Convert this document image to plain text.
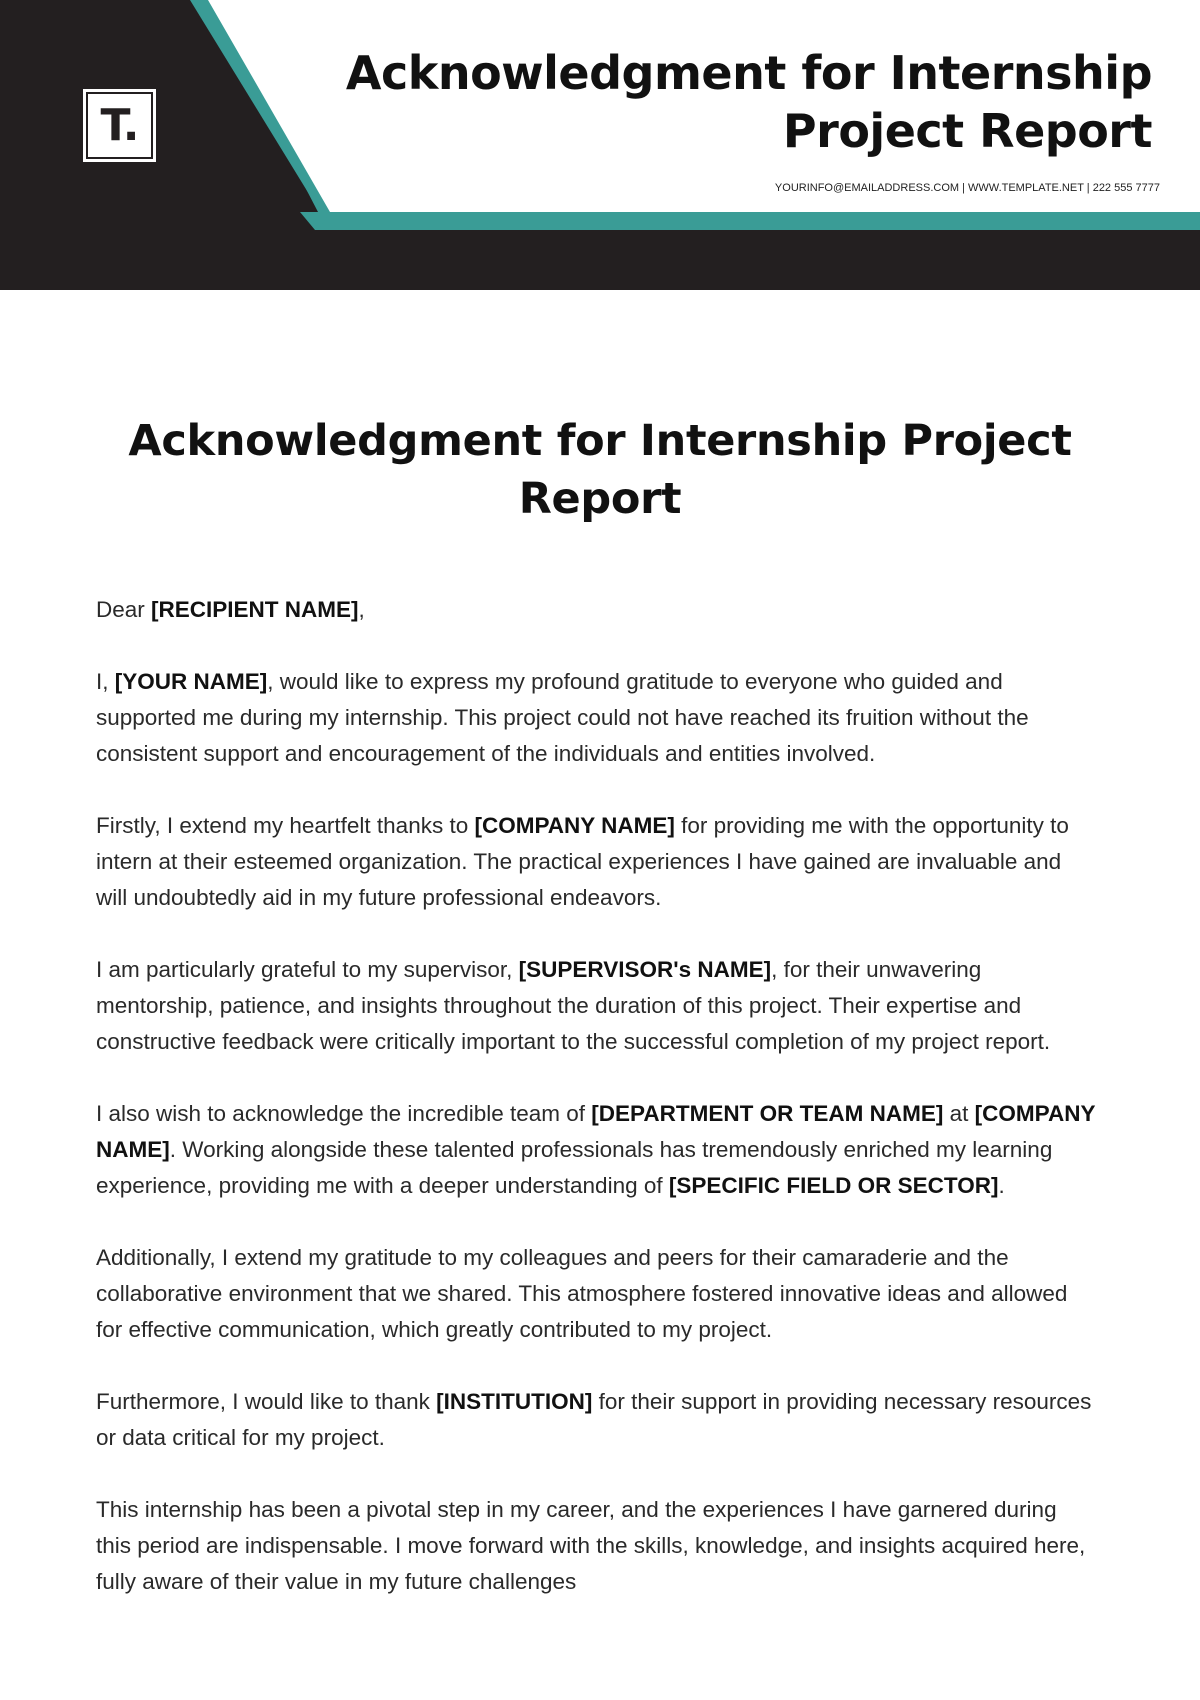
T.
Acknowledgment for Internship Project Report
YOURINFO@EMAILADDRESS.COM | WWW.TEMPLATE.NET | 222 555 7777
Acknowledgment for Internship Project Report

Dear [RECIPIENT NAME],

I, [YOUR NAME], would like to express my profound gratitude to everyone who guided and supported me during my internship. This project could not have reached its fruition without the consistent support and encouragement of the individuals and entities involved.

Firstly, I extend my heartfelt thanks to [COMPANY NAME] for providing me with the opportunity to intern at their esteemed organization. The practical experiences I have gained are invaluable and will undoubtedly aid in my future professional endeavors.

I am particularly grateful to my supervisor, [SUPERVISOR's NAME], for their unwavering mentorship, patience, and insights throughout the duration of this project. Their expertise and constructive feedback were critically important to the successful completion of my project report.

I also wish to acknowledge the incredible team of [DEPARTMENT OR TEAM NAME] at [COMPANY NAME]. Working alongside these talented professionals has tremendously enriched my learning experience, providing me with a deeper understanding of [SPECIFIC FIELD OR SECTOR].

Additionally, I extend my gratitude to my colleagues and peers for their camaraderie and the collaborative environment that we shared. This atmosphere fostered innovative ideas and allowed for effective communication, which greatly contributed to my project.

Furthermore, I would like to thank [INSTITUTION] for their support in providing necessary resources or data critical for my project.

This internship has been a pivotal step in my career, and the experiences I have garnered during this period are indispensable. I move forward with the skills, knowledge, and insights acquired here, fully aware of their value in my future challenges
